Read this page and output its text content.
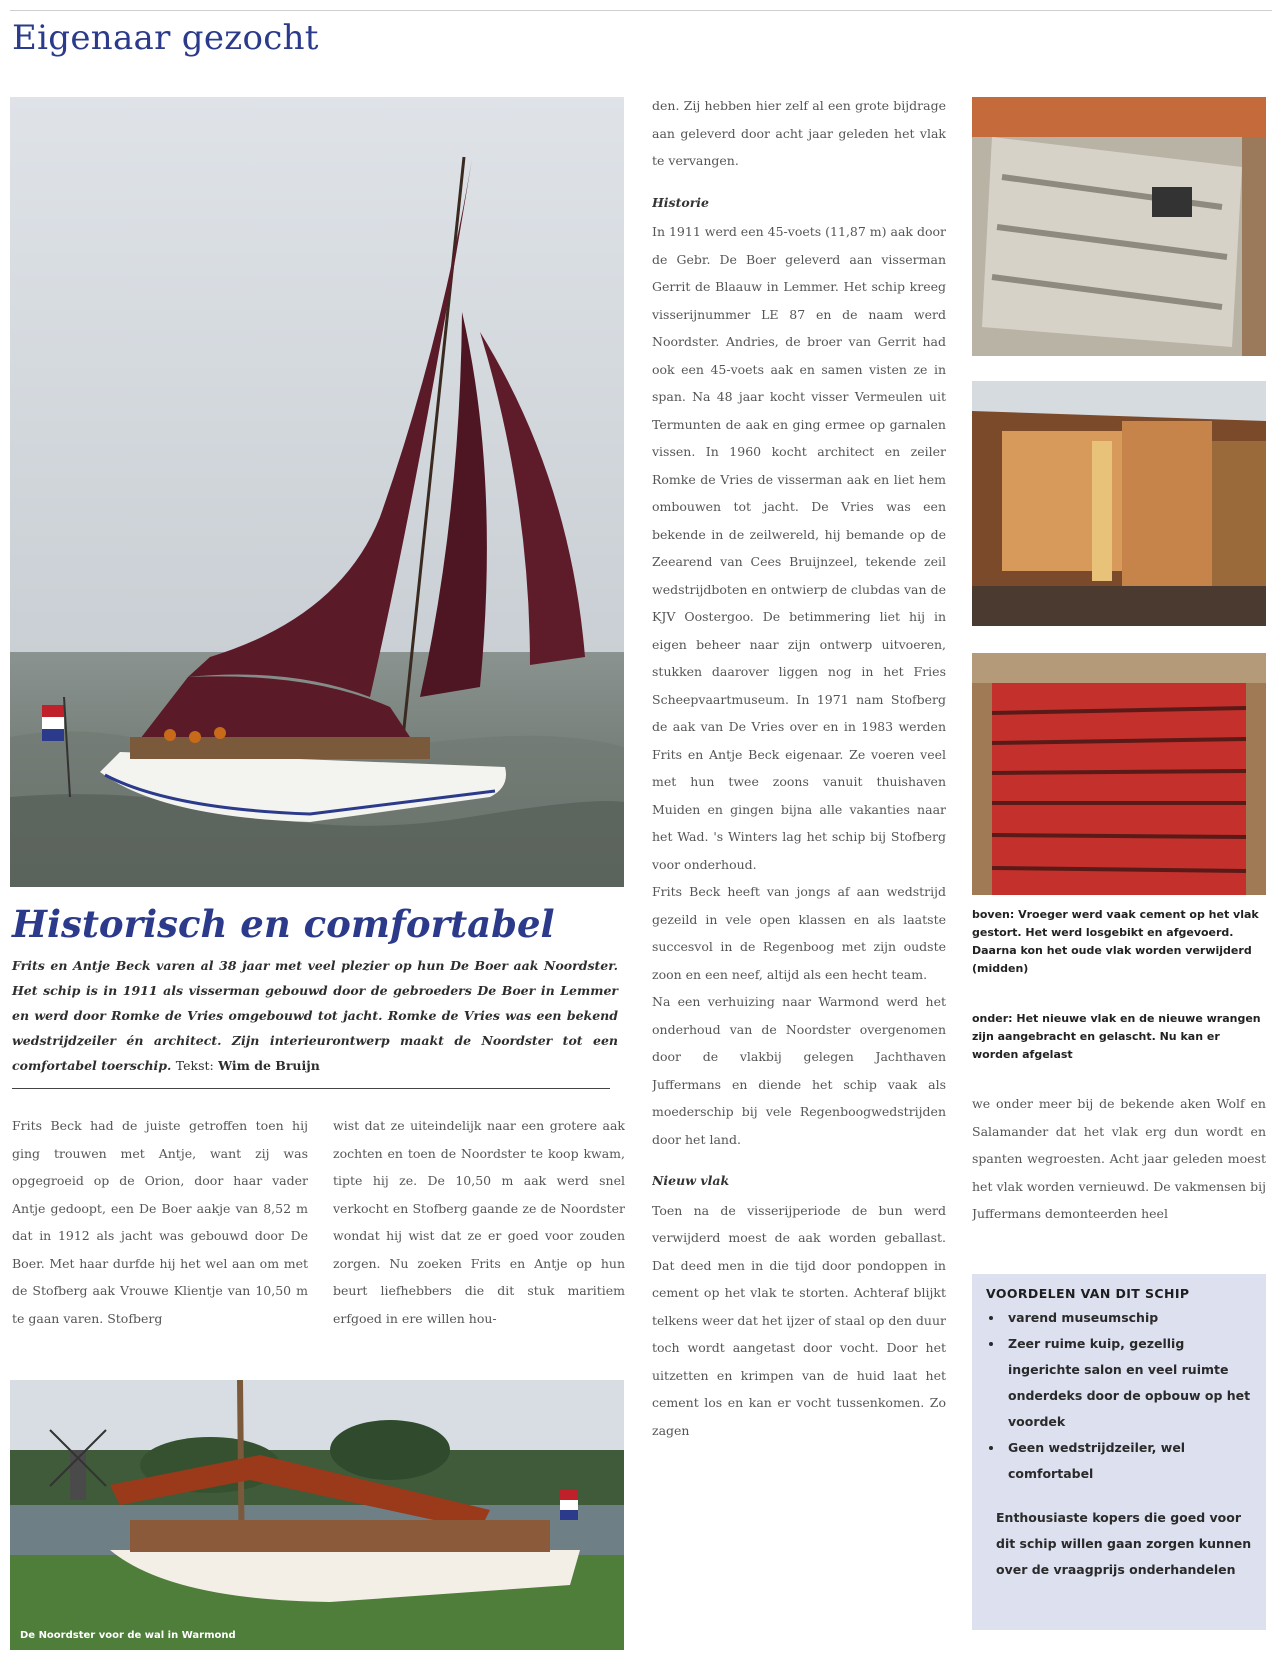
Eigenaar gezocht
Historisch en comfortabel
Frits en Antje Beck varen al 38 jaar met veel plezier op hun De Boer aak Noordster. Het schip is in 1911 als visserman gebouwd door de gebroeders De Boer in Lemmer en werd door Romke de Vries omgebouwd tot jacht. Romke de Vries was een bekend wedstrijdzeiler én architect. Zijn interieurontwerp maakt de Noordster tot een comfortabel toerschip. Tekst: Wim de Bruijn

Frits Beck had de juiste getroffen toen hij ging trouwen met Antje, want zij was opgegroeid op de Orion, door haar vader Antje gedoopt, een De Boer aakje van 8,52 m dat in 1912 als jacht was gebouwd door De Boer. Met haar durfde hij het wel aan om met de Stofberg aak Vrouwe Klientje van 10,50 m te gaan varen. Stofberg

wist dat ze uiteindelijk naar een grotere aak zochten en toen de Noordster te koop kwam, tipte hij ze. De 10,50 m aak werd snel verkocht en Stofberg gaande ze de Noordster wondat hij wist dat ze er goed voor zouden zorgen. Nu zoeken Frits en Antje op hun beurt liefhebbers die dit stuk maritiem erfgoed in ere willen hou-

De Noordster voor de wal in Warmond

den. Zij hebben hier zelf al een grote bijdrage aan geleverd door acht jaar geleden het vlak te vervangen.

Historie

In 1911 werd een 45-voets (11,87 m) aak door de Gebr. De Boer geleverd aan visserman Gerrit de Blaauw in Lemmer. Het schip kreeg visserijnummer LE 87 en de naam werd Noordster. Andries, de broer van Gerrit had ook een 45-voets aak en samen visten ze in span. Na 48 jaar kocht visser Vermeulen uit Termunten de aak en ging ermee op garnalen vissen. In 1960 kocht architect en zeiler Romke de Vries de visserman aak en liet hem ombouwen tot jacht. De Vries was een bekende in de zeilwereld, hij bemande op de Zeearend van Cees Bruijnzeel, tekende zeil wedstrijdboten en ontwierp de clubdas van de KJV Oostergoo. De betimmering liet hij in eigen beheer naar zijn ontwerp uitvoeren, stukken daarover liggen nog in het Fries Scheepvaartmuseum. In 1971 nam Stofberg de aak van De Vries over en in 1983 werden Frits en Antje Beck eigenaar. Ze voeren veel met hun twee zoons vanuit thuishaven Muiden en gingen bijna alle vakanties naar het Wad. 's Winters lag het schip bij Stofberg voor onderhoud.

Frits Beck heeft van jongs af aan wedstrijd gezeild in vele open klassen en als laatste succesvol in de Regenboog met zijn oudste zoon en een neef, altijd als een hecht team.

Na een verhuizing naar Warmond werd het onderhoud van de Noordster overgenomen door de vlakbij gelegen Jachthaven Juffermans en diende het schip vaak als moederschip bij vele Regenboogwedstrijden door het land.

Nieuw vlak

Toen na de visserijperiode de bun werd verwijderd moest de aak worden geballast. Dat deed men in die tijd door pondoppen in cement op het vlak te storten. Achteraf blijkt telkens weer dat het ijzer of staal op den duur toch wordt aangetast door vocht. Door het uitzetten en krimpen van de huid laat het cement los en kan er vocht tussenkomen. Zo zagen

boven: Vroeger werd vaak cement op het vlak gestort. Het werd losgebikt en afgevoerd. Daarna kon het oude vlak worden verwijderd (midden)
onder: Het nieuwe vlak en de nieuwe wrangen zijn aangebracht en gelascht. Nu kan er worden afgelast

we onder meer bij de bekende aken Wolf en Salamander dat het vlak erg dun wordt en spanten wegroesten. Acht jaar geleden moest het vlak worden vernieuwd. De vakmensen bij Juffermans demonteerden heel

VOORDELEN VAN DIT SCHIP
• varend museumschip
• Zeer ruime kuip, gezellig ingerichte salon en veel ruimte onderdeks door de opbouw op het voordek
• Geen wedstrijdzeiler, wel comfortabel
Enthousiaste kopers die goed voor dit schip willen gaan zorgen kunnen over de vraagprijs onderhandelen
